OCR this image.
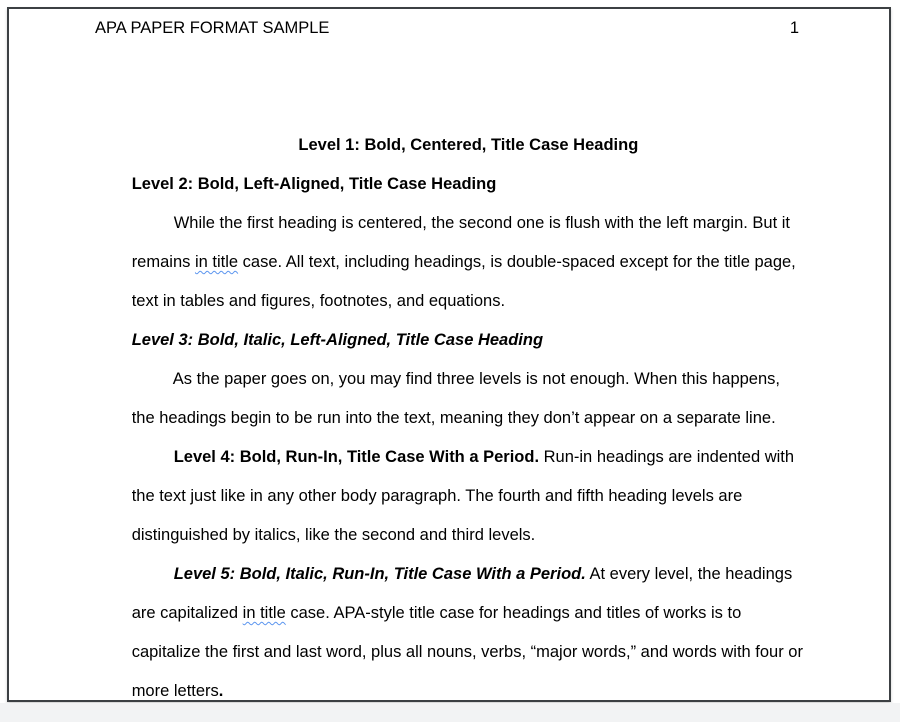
APA PAPER FORMAT SAMPLE	1

Level 1: Bold, Centered, Title Case Heading

Level 2: Bold, Left-Aligned, Title Case Heading

While the first heading is centered, the second one is flush with the left margin. But it

remains in title case. All text, including headings, is double-spaced except for the title page,

text in tables and figures, footnotes, and equations.

Level 3: Bold, Italic, Left-Aligned, Title Case Heading

As the paper goes on, you may find three levels is not enough. When this happens,

the headings begin to be run into the text, meaning they don’t appear on a separate line.

Level 4: Bold, Run-In, Title Case With a Period. Run-in headings are indented with

the text just like in any other body paragraph. The fourth and fifth heading levels are

distinguished by italics, like the second and third levels.

Level 5: Bold, Italic, Run-In, Title Case With a Period. At every level, the headings

are capitalized in title case. APA-style title case for headings and titles of works is to

capitalize the first and last word, plus all nouns, verbs, “major words,” and words with four or

more letters.
